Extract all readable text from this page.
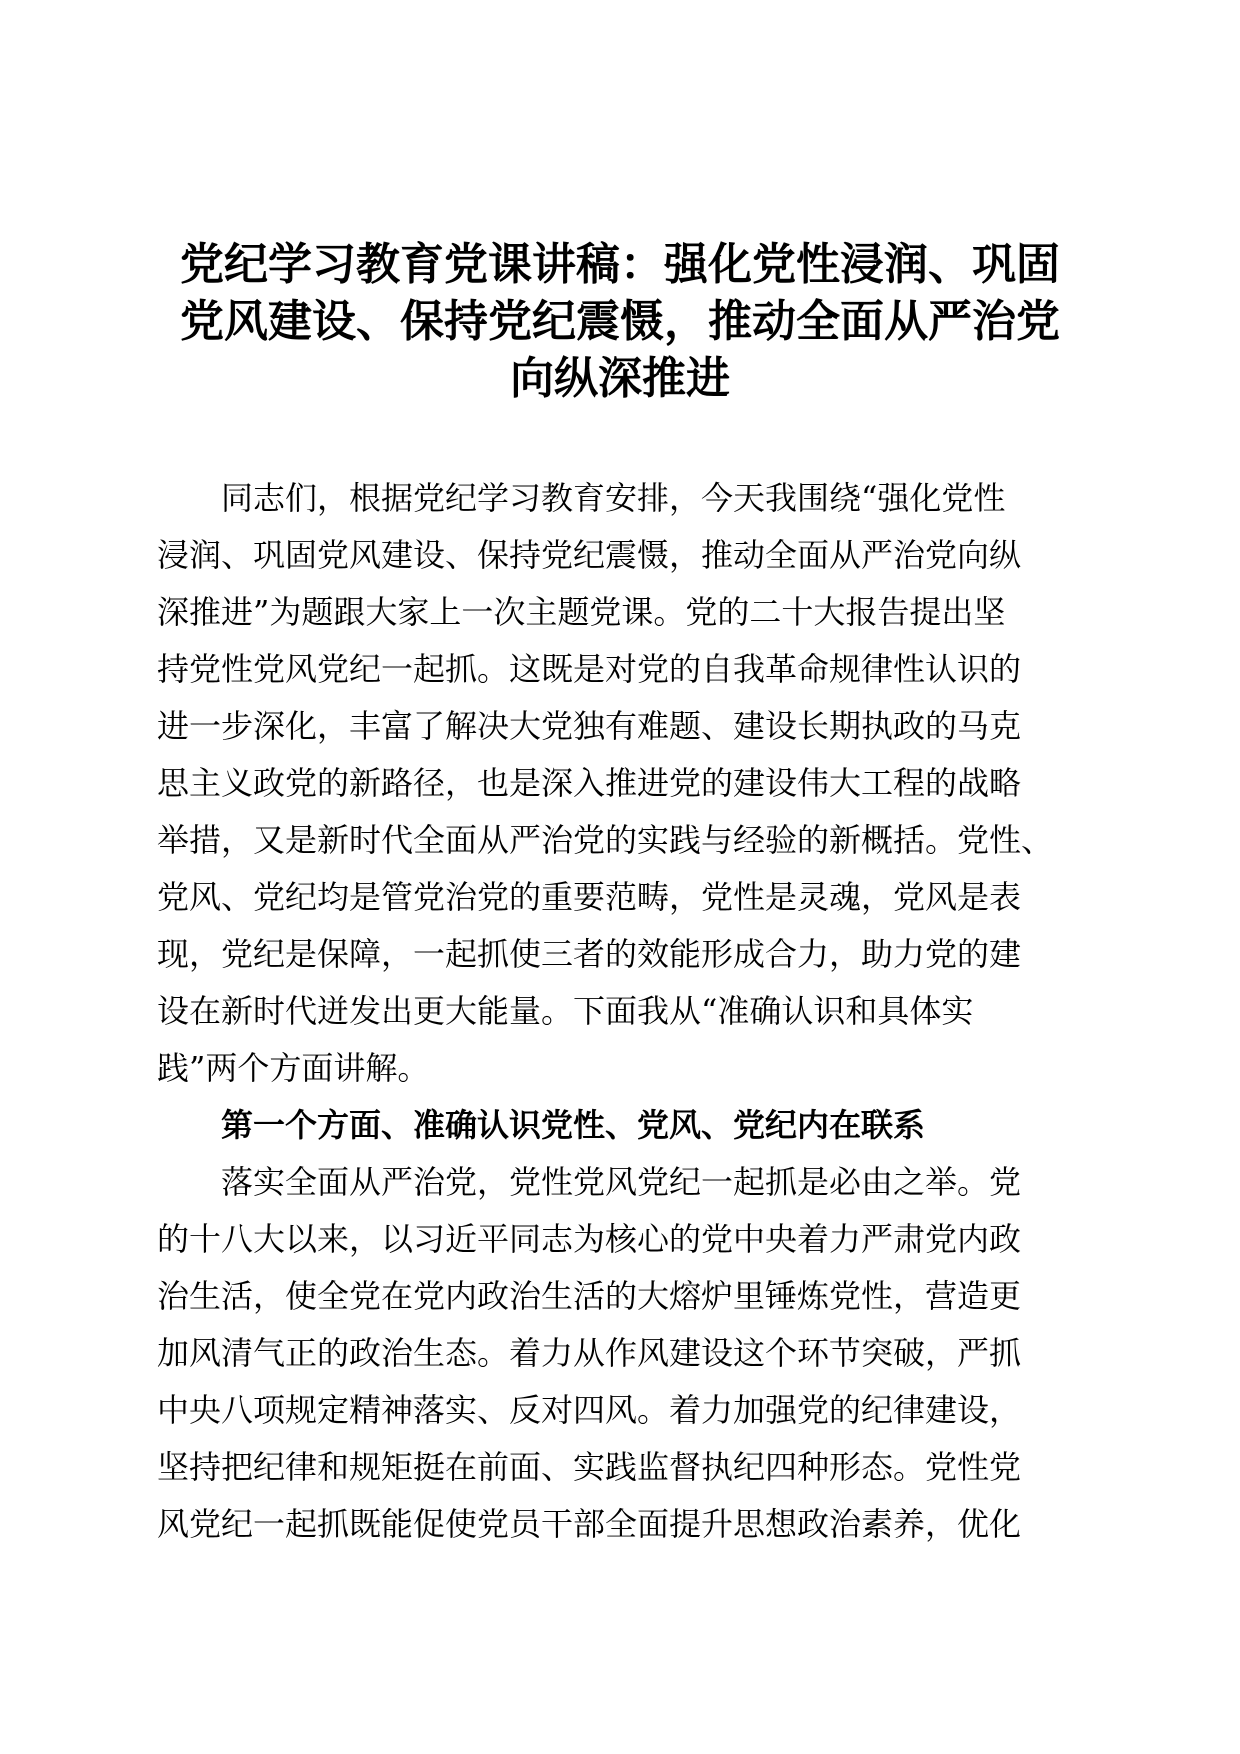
党纪学习教育党课讲稿：强化党性浸润、巩固
党风建设、保持党纪震慑，推动全面从严治党
向纵深推进
同志们，根据党纪学习教育安排，今天我围绕“强化党性
浸润、巩固党风建设、保持党纪震慑，推动全面从严治党向纵
深推进”为题跟大家上一次主题党课。党的二十大报告提出坚
持党性党风党纪一起抓。这既是对党的自我革命规律性认识的
进一步深化，丰富了解决大党独有难题、建设长期执政的马克
思主义政党的新路径，也是深入推进党的建设伟大工程的战略
举措，又是新时代全面从严治党的实践与经验的新概括。党性、
党风、党纪均是管党治党的重要范畴，党性是灵魂，党风是表
现，党纪是保障，一起抓使三者的效能形成合力，助力党的建
设在新时代迸发出更大能量。下面我从“准确认识和具体实
践”两个方面讲解。
第一个方面、准确认识党性、党风、党纪内在联系
落实全面从严治党，党性党风党纪一起抓是必由之举。党
的十八大以来，以习近平同志为核心的党中央着力严肃党内政
治生活，使全党在党内政治生活的大熔炉里锤炼党性，营造更
加风清气正的政治生态。着力从作风建设这个环节突破，严抓
中央八项规定精神落实、反对四风。着力加强党的纪律建设，
坚持把纪律和规矩挺在前面、实践监督执纪四种形态。党性党
风党纪一起抓既能促使党员干部全面提升思想政治素养，优化
